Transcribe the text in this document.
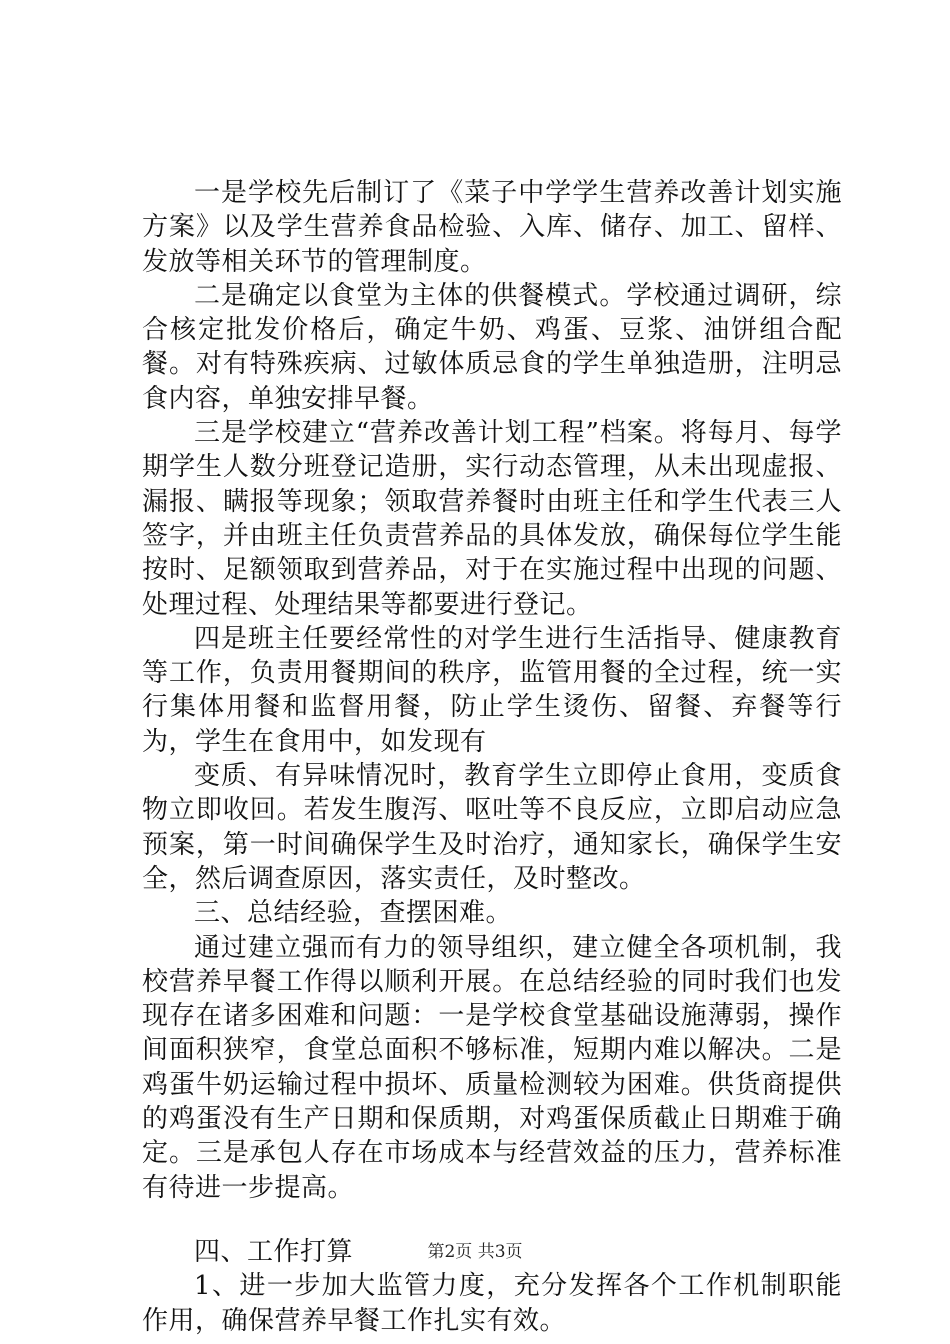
一是学校先后制订了《菜子中学学生营养改善计划实施方案》以及学生营养食品检验、入库、储存、加工、留样、发放等相关环节的管理制度。

二是确定以食堂为主体的供餐模式。学校通过调研，综合核定批发价格后，确定牛奶、鸡蛋、豆浆、油饼组合配餐。对有特殊疾病、过敏体质忌食的学生单独造册，注明忌食内容，单独安排早餐。

三是学校建立“营养改善计划工程”档案。将每月、每学期学生人数分班登记造册，实行动态管理，从未出现虚报、漏报、瞒报等现象；领取营养餐时由班主任和学生代表三人签字，并由班主任负责营养品的具体发放，确保每位学生能按时、足额领取到营养品，对于在实施过程中出现的问题、处理过程、处理结果等都要进行登记。

四是班主任要经常性的对学生进行生活指导、健康教育等工作，负责用餐期间的秩序，监管用餐的全过程，统一实行集体用餐和监督用餐，防止学生烫伤、留餐、弃餐等行为，学生在食用中，如发现有

变质、有异味情况时，教育学生立即停止食用，变质食物立即收回。若发生腹泻、呕吐等不良反应，立即启动应急预案，第一时间确保学生及时治疗，通知家长，确保学生安全，然后调查原因，落实责任，及时整改。

三、总结经验，查摆困难。

通过建立强而有力的领导组织，建立健全各项机制，我校营养早餐工作得以顺利开展。在总结经验的同时我们也发现存在诸多困难和问题：一是学校食堂基础设施薄弱，操作间面积狭窄，食堂总面积不够标准，短期内难以解决。二是鸡蛋牛奶运输过程中损坏、质量检测较为困难。供货商提供的鸡蛋没有生产日期和保质期，对鸡蛋保质截止日期难于确定。三是承包人存在市场成本与经营效益的压力，营养标准有待进一步提高。

四、工作打算

1、进一步加大监管力度，充分发挥各个工作机制职能作用，确保营养早餐工作扎实有效。

第2页 共3页
